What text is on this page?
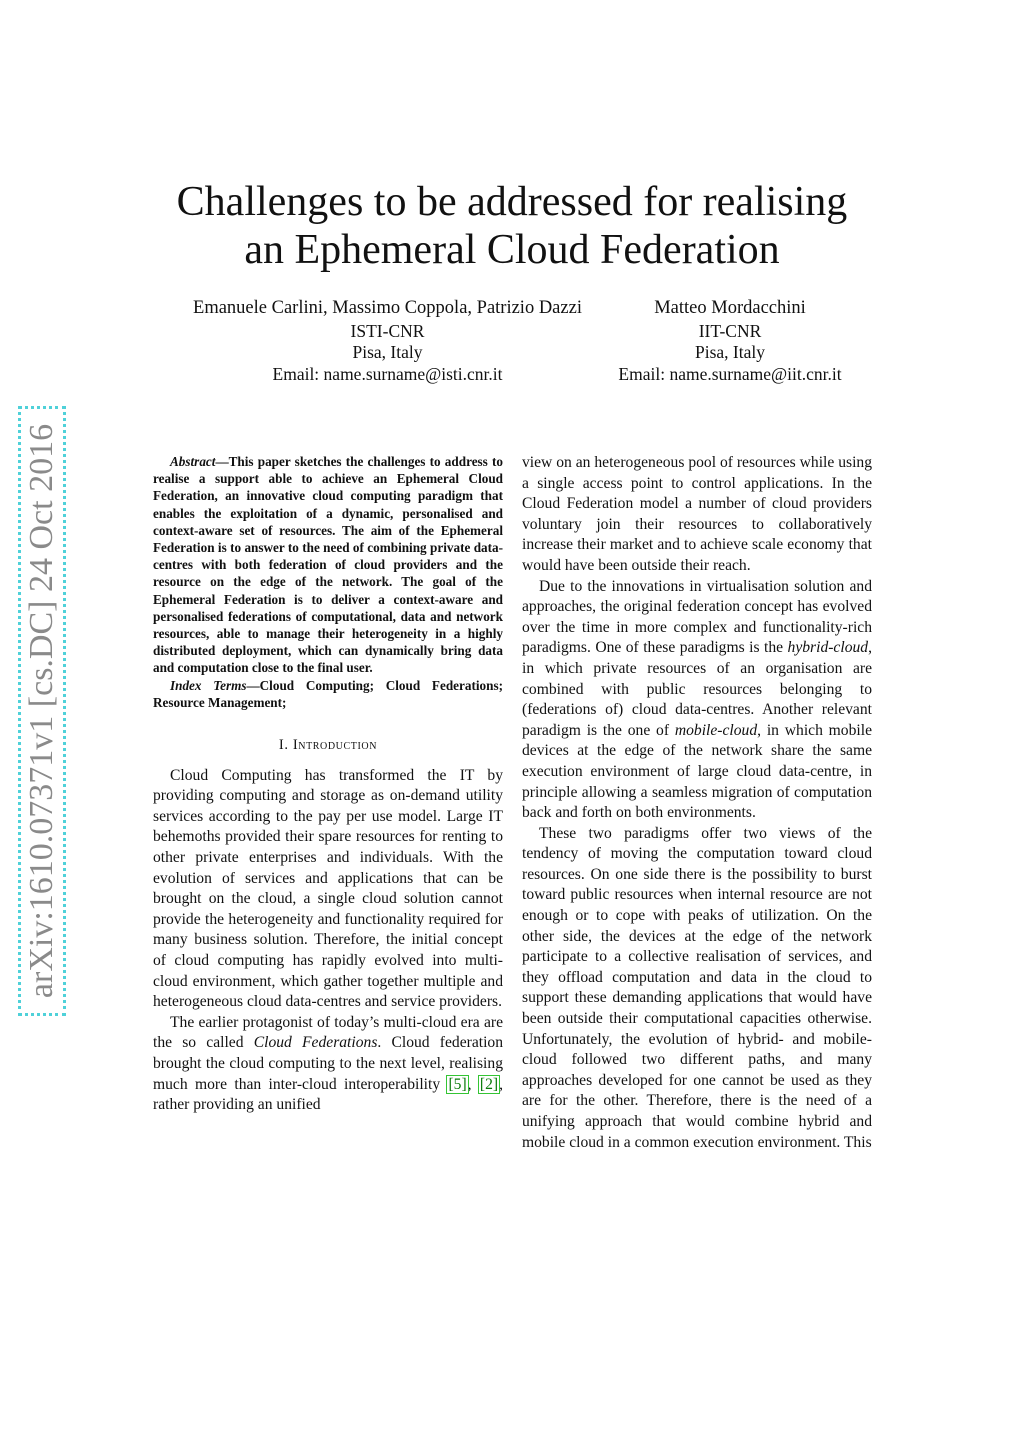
Challenges to be addressed for realising
an Ephemeral Cloud Federation
Emanuele Carlini, Massimo Coppola, Patrizio Dazzi
ISTI-CNR
Pisa, Italy
Email: name.surname@isti.cnr.it
Matteo Mordacchini
IIT-CNR
Pisa, Italy
Email: name.surname@iit.cnr.it
arXiv:1610.07371v1 [cs.DC] 24 Oct 2016	Abstract—This paper sketches the challenges to address to realise a support able to achieve an Ephemeral Cloud Federation, an innovative cloud computing paradigm that enables the exploitation of a dynamic, personalised and context-aware set of resources. The aim of the Ephemeral Federation is to answer to the need of combining private data-centres with both federation of cloud providers and the resource on the edge of the network. The goal of the Ephemeral Federation is to deliver a context-aware and personalised federations of computational, data and network resources, able to manage their heterogeneity in a highly distributed deployment, which can dynamically bring data and computation close to the final user.

Index Terms—Cloud Computing; Cloud Federations; Resource Management;

I. Introduction

Cloud Computing has transformed the IT by providing computing and storage as on-demand utility services according to the pay per use model. Large IT behemoths provided their spare resources for renting to other private enterprises and individuals. With the evolution of services and applications that can be brought on the cloud, a single cloud solution cannot provide the heterogeneity and functionality required for many business solution. Therefore, the initial concept of cloud computing has rapidly evolved into multi-cloud environment, which gather together multiple and heterogeneous cloud data-centres and service providers.

The earlier protagonist of today’s multi-cloud era are the so called Cloud Federations. Cloud federation brought the cloud computing to the next level, realising much more than inter-cloud interoperability [5], [2], rather providing an unified

view on an heterogeneous pool of resources while using a single access point to control applications. In the Cloud Federation model a number of cloud providers voluntary join their resources to collaboratively increase their market and to achieve scale economy that would have been outside their reach.

Due to the innovations in virtualisation solution and approaches, the original federation concept has evolved over the time in more complex and functionality-rich paradigms. One of these paradigms is the hybrid-cloud, in which private resources of an organisation are combined with public resources belonging to (federations of) cloud data-centres. Another relevant paradigm is the one of mobile-cloud, in which mobile devices at the edge of the network share the same execution environment of large cloud data-centre, in principle allowing a seamless migration of computation back and forth on both environments.

These two paradigms offer two views of the tendency of moving the computation toward cloud resources. On one side there is the possibility to burst toward public resources when internal resource are not enough or to cope with peaks of utilization. On the other side, the devices at the edge of the network participate to a collective realisation of services, and they offload computation and data in the cloud to support these demanding applications that would have been outside their computational capacities otherwise. Unfortunately, the evolution of hybrid- and mobile- cloud followed two different paths, and many approaches developed for one cannot be used as they are for the other. Therefore, there is the need of a unifying approach that would combine hybrid and mobile cloud in a common execution environment. This
